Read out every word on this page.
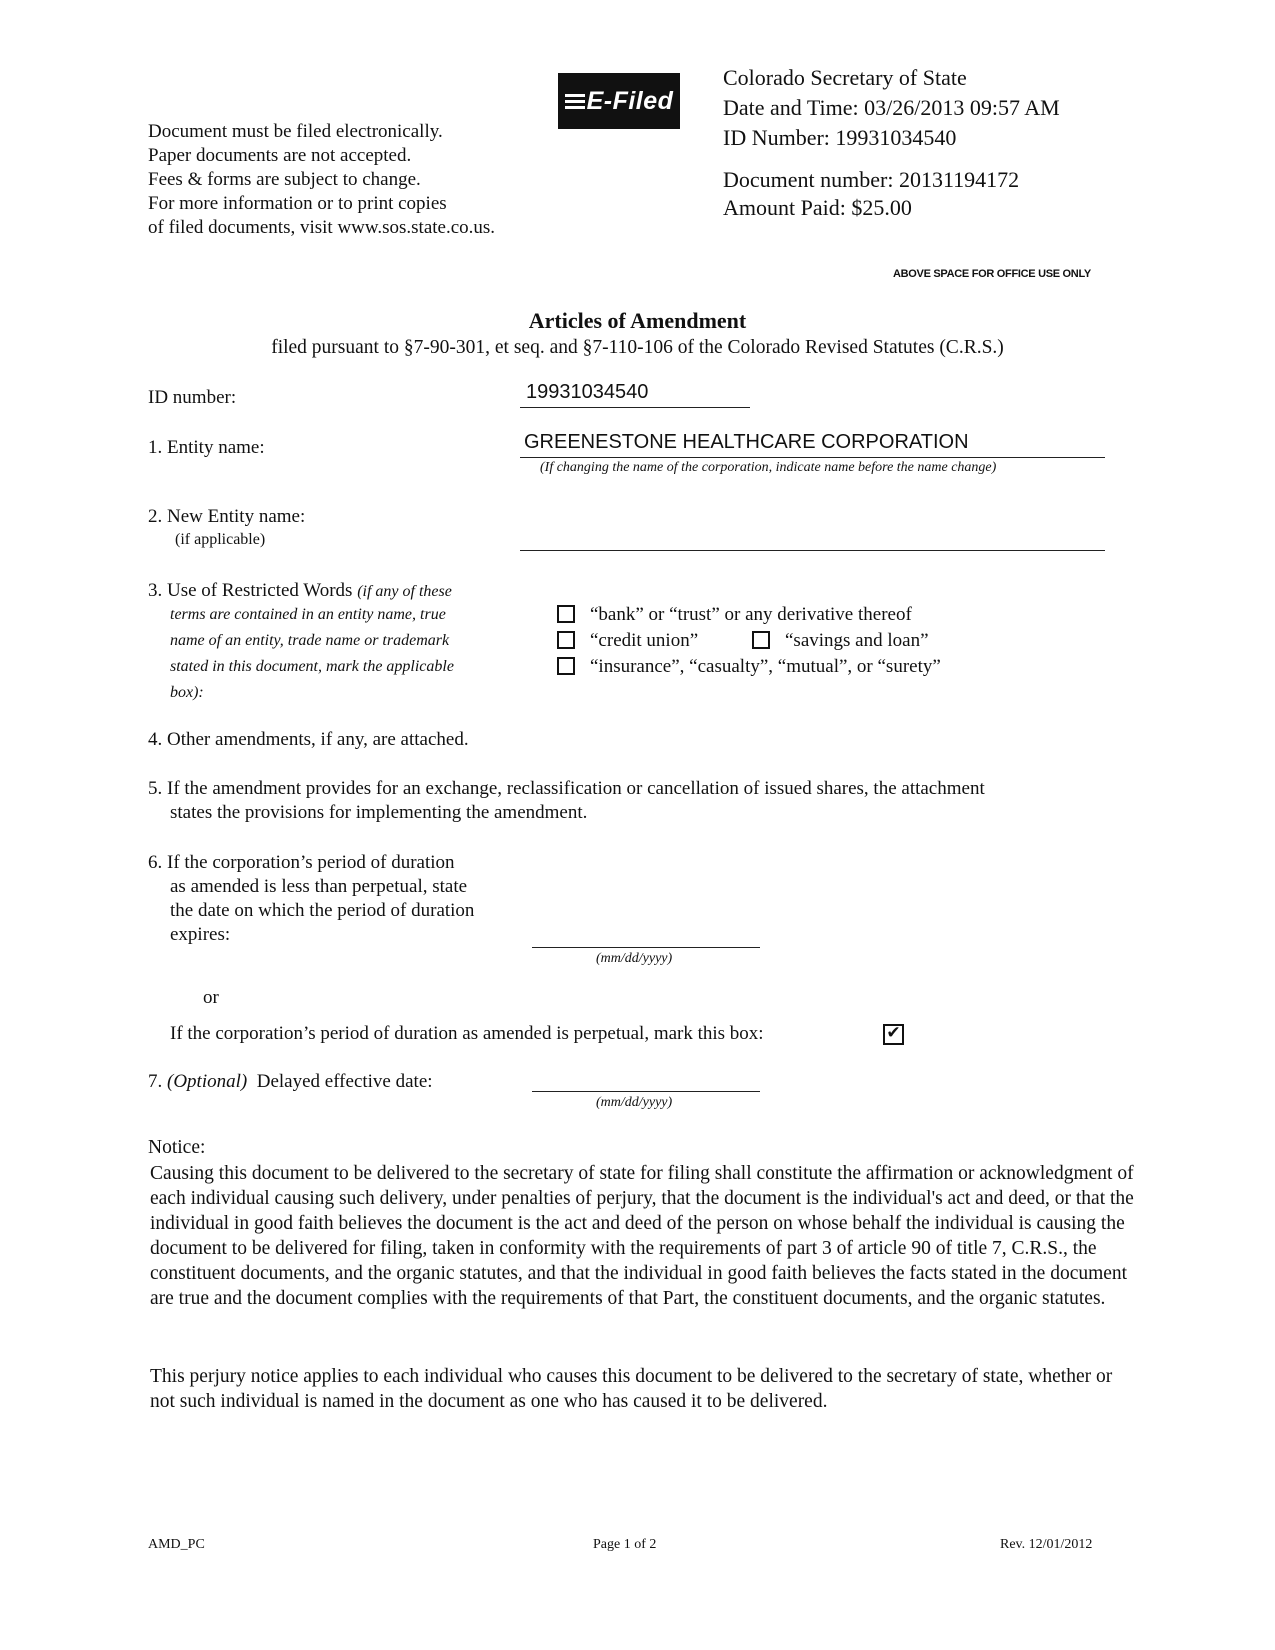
Document must be filed electronically.
Paper documents are not accepted.
Fees & forms are subject to change.
For more information or to print copies
of filed documents, visit www.sos.state.co.us.
E-Filed
Colorado Secretary of State
Date and Time: 03/26/2013 09:57 AM
ID Number: 19931034540
Document number: 20131194172
Amount Paid: $25.00
ABOVE SPACE FOR OFFICE USE ONLY
Articles of Amendment
filed pursuant to §7-90-301, et seq. and §7-110-106 of the Colorado Revised Statutes (C.R.S.)
ID number:	19931034540
1. Entity name:	GREENESTONE HEALTHCARE CORPORATION
(If changing the name of the corporation, indicate name before the name change)
2. New Entity name:
(if applicable)
3. Use of Restricted Words (if any of these
terms are contained in an entity name, true
name of an entity, trade name or trademark
stated in this document, mark the applicable
box):
“bank” or “trust” or any derivative thereof
“credit union”	“savings and loan”
“insurance”, “casualty”, “mutual”, or “surety”
4. Other amendments, if any, are attached.
5. If the amendment provides for an exchange, reclassification or cancellation of issued shares, the attachment
states the provisions for implementing the amendment.
6. If the corporation’s period of duration
as amended is less than perpetual, state
the date on which the period of duration
expires:
(mm/dd/yyyy)
or
If the corporation’s period of duration as amended is perpetual, mark this box:	✔
7. (Optional) Delayed effective date:
(mm/dd/yyyy)
Notice:

Causing this document to be delivered to the secretary of state for filing shall constitute the affirmation or acknowledgment of each individual causing such delivery, under penalties of perjury, that the document is the individual's act and deed, or that the individual in good faith believes the document is the act and deed of the person on whose behalf the individual is causing the document to be delivered for filing, taken in conformity with the requirements of part 3 of article 90 of title 7, C.R.S., the constituent documents, and the organic statutes, and that the individual in good faith believes the facts stated in the document are true and the document complies with the requirements of that Part, the constituent documents, and the organic statutes.

This perjury notice applies to each individual who causes this document to be delivered to the secretary of state, whether or not such individual is named in the document as one who has caused it to be delivered.

AMD_PC	Page 1 of 2	Rev. 12/01/2012
